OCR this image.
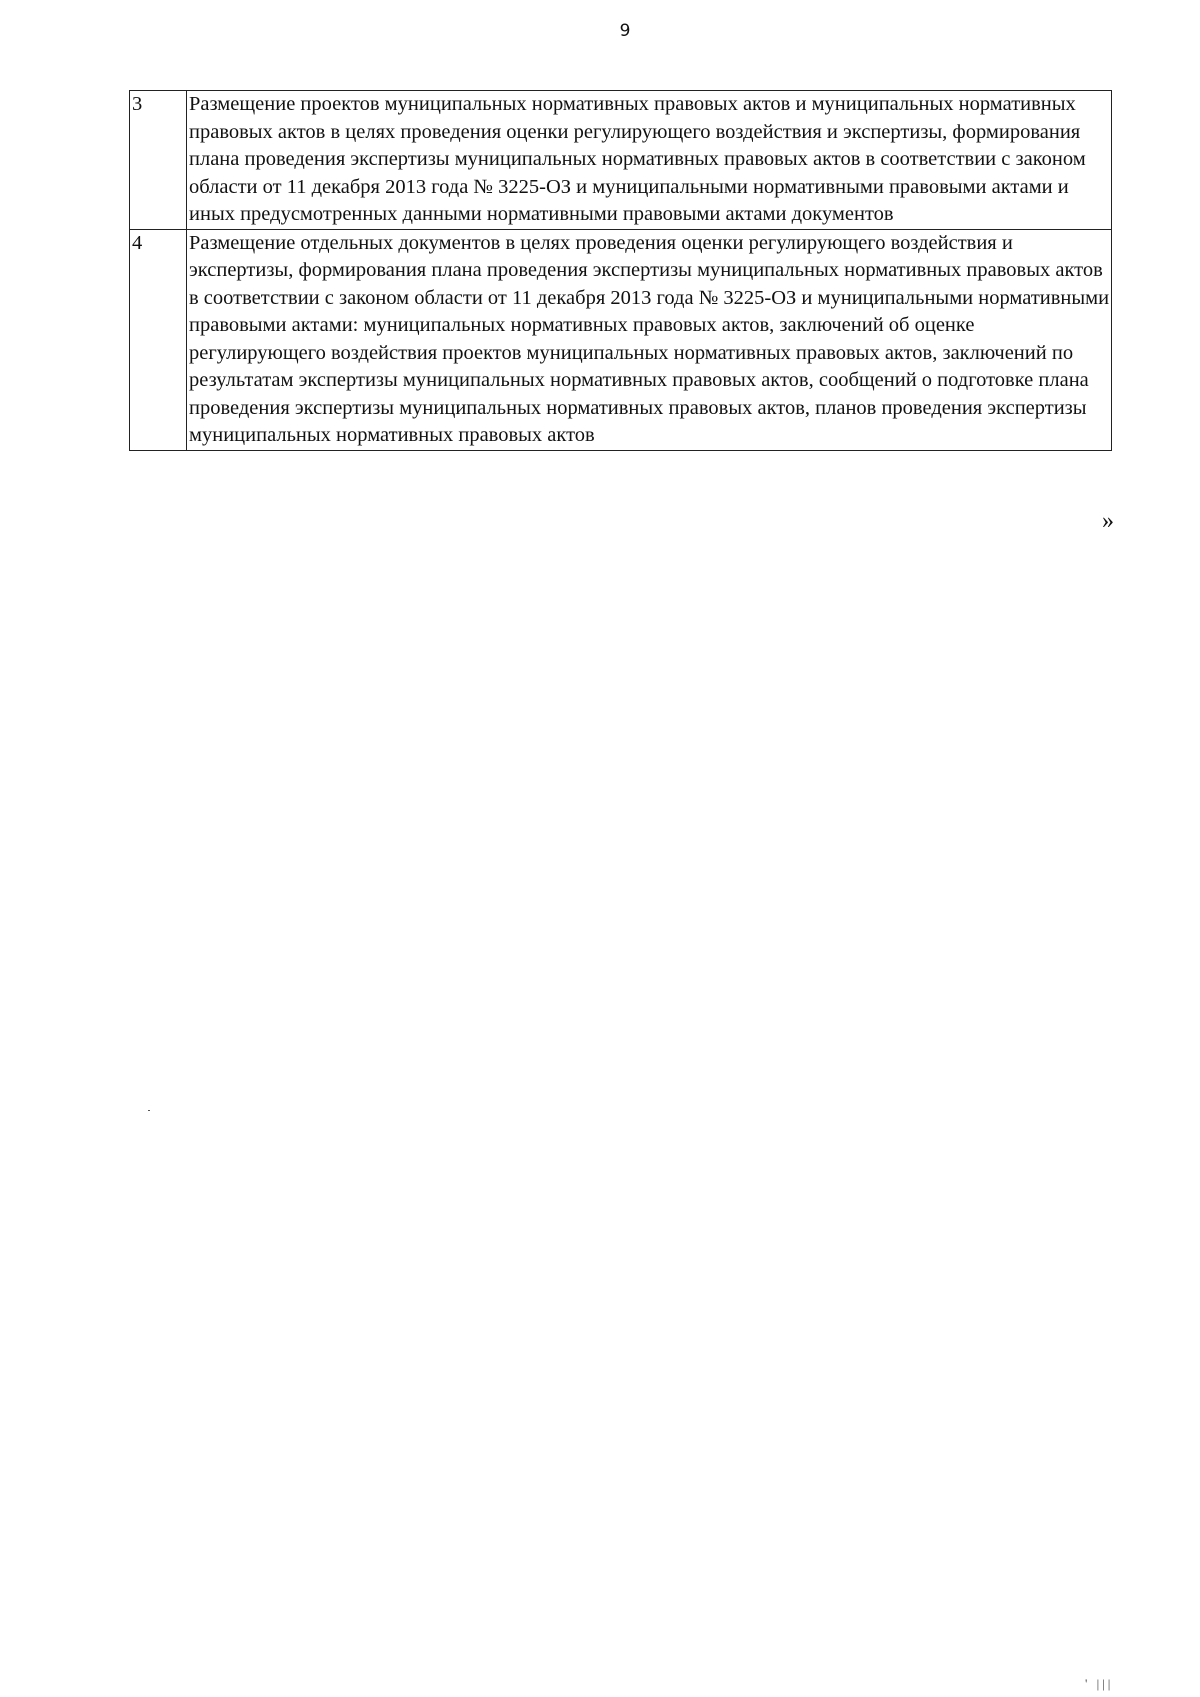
9
3	Размещение проектов муниципальных нормативных правовых актов и муниципальных нормативных правовых актов в целях проведения оценки регулирующего воздействия и экспертизы, формирования плана проведения экспертизы муниципальных нормативных правовых актов в соответствии с законом области от 11 декабря 2013 года № 3225-ОЗ и муниципальными нормативными правовыми актами и иных предусмотренных данными нормативными правовыми актами документов
4	Размещение отдельных документов в целях проведения оценки регулирующего воздействия и экспертизы, формирования плана проведения экспертизы муниципальных нормативных правовых актов в соответствии с законом области от 11 декабря 2013 года № 3225-ОЗ и муниципальными нормативными правовыми актами: муниципальных нормативных правовых актов, заключений об оценке регулирующего воздействия проектов муниципальных нормативных правовых актов, заключений по результатам экспертизы муниципальных нормативных правовых актов, сообщений о подготовке плана проведения экспертизы муниципальных нормативных правовых актов, планов проведения экспертизы муниципальных нормативных правовых актов
»
' |||
